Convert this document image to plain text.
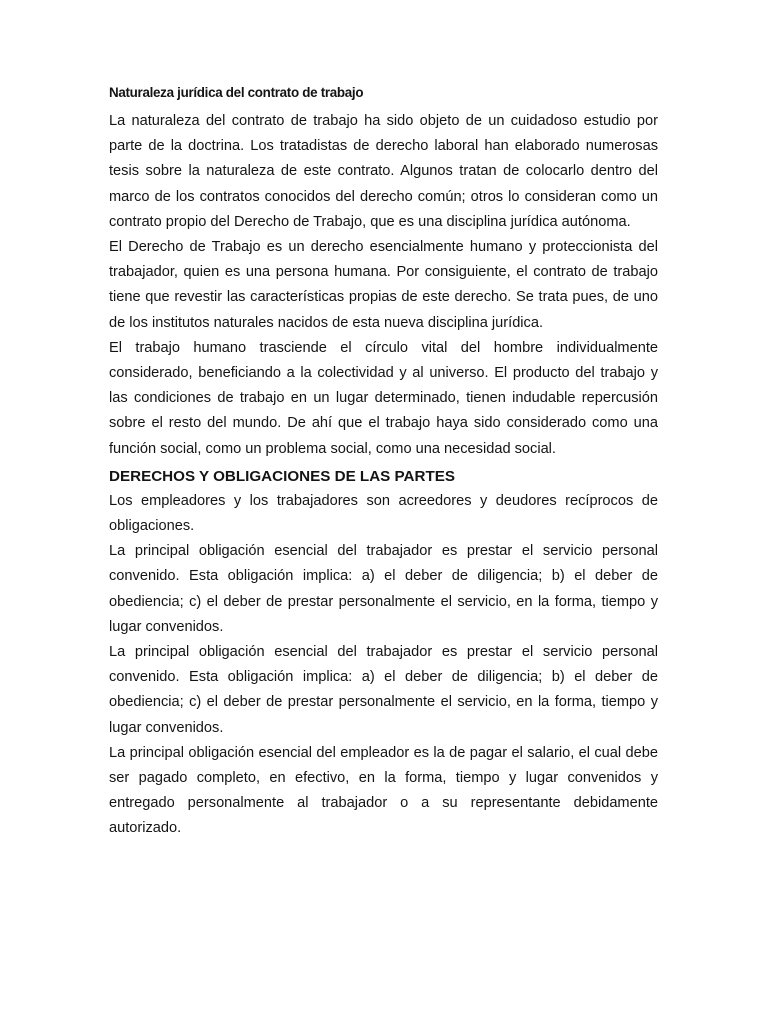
Naturaleza jurídica del contrato de trabajo

La naturaleza del contrato de trabajo ha sido objeto de un cuidadoso estudio por parte de la doctrina. Los tratadistas de derecho laboral han elaborado numerosas tesis sobre la naturaleza de este contrato. Algunos tratan de colocarlo dentro del marco de los contratos conocidos del derecho común; otros lo consideran como un contrato propio del Derecho de Trabajo, que es una disciplina jurídica autónoma.

El Derecho de Trabajo es un derecho esencialmente humano y proteccionista del trabajador, quien es una persona humana. Por consiguiente, el contrato de trabajo tiene que revestir las características propias de este derecho. Se trata pues, de uno de los institutos naturales nacidos de esta nueva disciplina jurídica.

El trabajo humano trasciende el círculo vital del hombre individualmente considerado, beneficiando a la colectividad y al universo. El producto del trabajo y las condiciones de trabajo en un lugar determinado, tienen indudable repercusión sobre el resto del mundo. De ahí que el trabajo haya sido considerado como una función social, como un problema social, como una necesidad social.

DERECHOS Y OBLIGACIONES DE LAS PARTES

Los empleadores y los trabajadores son acreedores y deudores recíprocos de obligaciones.

La principal obligación esencial del trabajador es prestar el servicio personal convenido. Esta obligación implica: a) el deber de diligencia; b) el deber de obediencia; c) el deber de prestar personalmente el servicio, en la forma, tiempo y lugar convenidos.

La principal obligación esencial del trabajador es prestar el servicio personal convenido. Esta obligación implica: a) el deber de diligencia; b) el deber de obediencia; c) el deber de prestar personalmente el servicio, en la forma, tiempo y lugar convenidos.

La principal obligación esencial del empleador es la de pagar el salario, el cual debe ser pagado completo, en efectivo, en la forma, tiempo y lugar convenidos y entregado personalmente al trabajador o a su representante debidamente autorizado.
